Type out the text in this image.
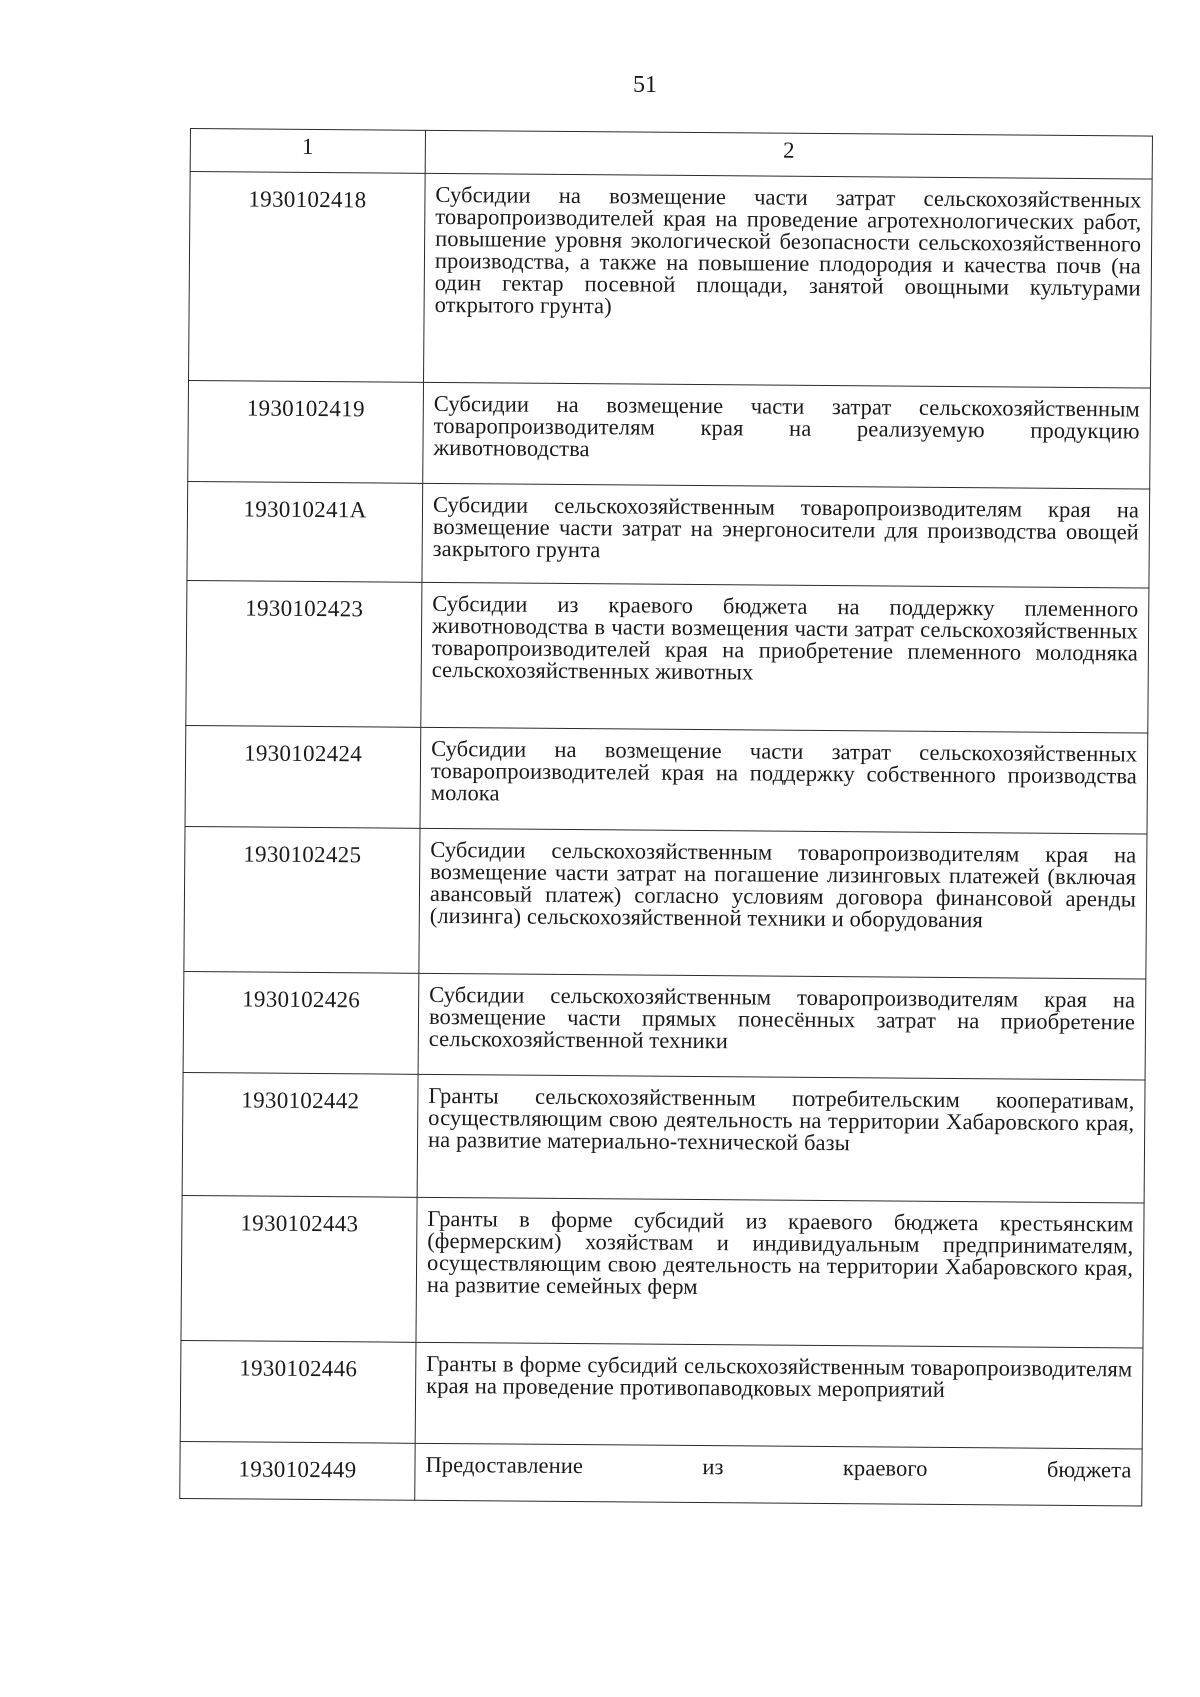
51
1	2
1930102418	Субсидии на возмещение части затрат сельскохозяйственных товаропроизводителей края на проведение агротехнологических работ, повышение уровня экологической безопасности сельскохозяйственного производства, а также на повышение плодородия и качества почв (на один гектар посевной площади, занятой овощными культурами открытого грунта)
1930102419	Субсидии на возмещение части затрат сельскохозяйственным товаропроизводителям края на реализуемую продукцию животноводства
193010241А	Субсидии сельскохозяйственным товаропроизводителям края на возмещение части затрат на энергоносители для производства овощей закрытого грунта
1930102423	Субсидии из краевого бюджета на поддержку племенного животноводства в части возмещения части затрат сельскохозяйственных товаропроизводителей края на приобретение племенного молодняка сельскохозяйственных животных
1930102424	Субсидии на возмещение части затрат сельскохозяйственных товаропроизводителей края на поддержку собственного производства молока
1930102425	Субсидии сельскохозяйственным товаропроизводителям края на возмещение части затрат на погашение лизинговых платежей (включая авансовый платеж) согласно условиям договора финансовой аренды (лизинга) сельскохозяйственной техники и оборудования
1930102426	Субсидии сельскохозяйственным товаропроизводителям края на возмещение части прямых понесённых затрат на приобретение сельскохозяйственной техники
1930102442	Гранты сельскохозяйственным потребительским кооперативам, осуществляющим свою деятельность на территории Хабаровского края, на развитие материально-технической базы
1930102443	Гранты в форме субсидий из краевого бюджета крестьянским (фермерским) хозяйствам и индивидуальным предпринимателям, осуществляющим свою деятельность на территории Хабаровского края, на развитие семейных ферм
1930102446	Гранты в форме субсидий сельскохозяйственным товаропроизводителям края на проведение противопаводковых мероприятий
1930102449	Предоставление из краевого бюджета
